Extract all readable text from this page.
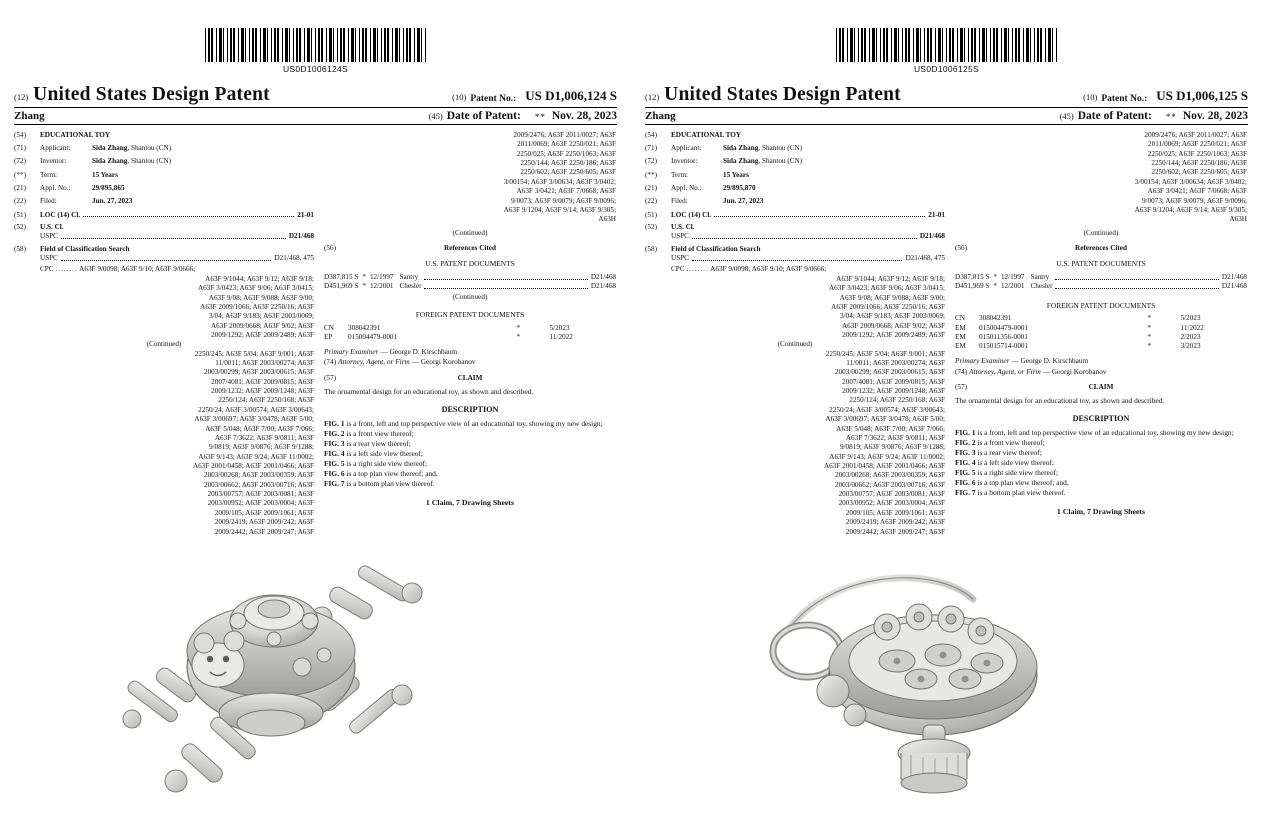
US0D1006124S
(12) United States Design Patent	(10) Patent No.: US D1,006,124 S
Zhang	(45) Date of Patent: ** Nov. 28, 2023
(54)	EDUCATIONAL TOY
(71)	Applicant:	Sida Zhang, Shantou (CN)
(72)	Inventor:	Sida Zhang, Shantou (CN)
(**)	Term:	15 Years
(21)	Appl. No.:	29/895,865
(22)	Filed:	Jun. 27, 2023
(51)	LOC (14) Cl.	21-01
(52)	U.S. Cl.
USPC	D21/468
(58)	Field of Classification Search
USPC	D21/468, 475
CPC ........ A63F 9/0098; A63F 9/10; A63F 9/0666;
A63F 9/1044; A63F 9/12; A63F 9/18;
A63F 3/0423; A63F 9/06; A63F 3/0415;
A63F 9/08; A63F 9/088; A63F 9/00;
A63F 2009/1066; A63F 2250/16; A63F
3/04; A63F 9/183; A63F 2003/0069;
A63F 2009/0668; A63F 9/02; A63F
2009/1292; A63F 2009/2489; A63F
(Continued)
2250/245; A63F 5/04; A63F 9/001; A63F
11/0011; A63F 2003/00274; A63F
2003/00299; A63F 2003/00615; A63F
2007/4081; A63F 2009/0815; A63F
2009/1232; A63F 2009/1248; A63F
2250/124; A63F 2250/168; A63F
2250/24; A63F 3/00574; A63F 3/00643;
A63F 3/00697; A63F 3/0478; A63F 5/00;
A63F 5/048; A63F 7/00; A63F 7/066;
A63F 7/3622; A63F 9/0811; A63F
9/0819; A63F 9/0876; A63F 9/1288;
A63F 9/143; A63F 9/24; A63F 11/0002;
A63F 2001/0458; A63F 2001/0466; A63F
2003/00268; A63F 2003/00359; A63F
2003/00662; A63F 2003/00716; A63F
2003/00757; A63F 2003/0081; A63F
2003/00952; A63F 2003/0004; A63F
2009/105; A63F 2009/1061; A63F
2009/2419; A63F 2009/242; A63F
2009/2442; A63F 2009/247; A63F
2009/2476; A63F 2011/0027; A63F
2011/0069; A63F 2250/021; A63F
2250/025; A63F 2250/1063; A63F
2250/144; A63F 2250/186; A63F
2250/602; A63F 2250/605; A63F
3/00154; A63F 3/00634; A63F 3/0402;
A63F 3/0421; A63F 7/0668; A63F
9/0073; A63F 9/0079; A63F 9/0096;
A63F 9/1204; A63F 9/14; A63F 9/305;
A63H
(Continued)
(56)	References Cited
U.S. PATENT DOCUMENTS
D387,815 S	*	12/1997	Santry		D21/468
D451,969 S	*	12/2001	Chesler		D21/468
(Continued)
FOREIGN PATENT DOCUMENTS
CN	308042391	*	5/2023
EP	015004479-0001	*	11/2022
Primary Examiner — George D. Kirschbaum
(74) Attorney, Agent, or Firm — Georgi Korobanov
(57)	CLAIM
The ornamental design for an educational toy, as shown and described.
DESCRIPTION
FIG. 1 is a front, left and top perspective view of an educational toy, showing my new design;
FIG. 2 is a front view thereof;
FIG. 3 is a rear view thereof;
FIG. 4 is a left side view thereof;
FIG. 5 is a right side view thereof;
FIG. 6 is a top plan view thereof; and,
FIG. 7 is a bottom plan view thereof.
1 Claim, 7 Drawing Sheets
US0D1006125S
(12) United States Design Patent	(10) Patent No.: US D1,006,125 S
Zhang	(45) Date of Patent: ** Nov. 28, 2023
(54)	EDUCATIONAL TOY
(71)	Applicant:	Sida Zhang, Shantou (CN)
(72)	Inventor:	Sida Zhang, Shantou (CN)
(**)	Term:	15 Years
(21)	Appl. No.:	29/895,870
(22)	Filed:	Jun. 27, 2023
(51)	LOC (14) Cl.	21-01
(52)	U.S. Cl.
USPC	D21/468
(58)	Field of Classification Search
USPC	D21/468, 475
CPC ........ A63F 9/0098; A63F 9/10; A63F 9/0666;
A63F 9/1044; A63F 9/12; A63F 9/18;
A63F 3/0423; A63F 9/06; A63F 3/0415;
A63F 9/08; A63F 9/088; A63F 9/00;
A63F 2009/1066; A63F 2250/16; A63F
3/04; A63F 9/183; A63F 2003/0069;
A63F 2009/0668; A63F 9/02; A63F
2009/1292; A63F 2009/2489; A63F
(Continued)
2250/245; A63F 5/04; A63F 9/001; A63F
11/0011; A63F 2003/00274; A63F
2003/00299; A63F 2003/00615; A63F
2007/4081; A63F 2009/0815; A63F
2009/1232; A63F 2009/1248; A63F
2250/124; A63F 2250/168; A63F
2250/24; A63F 3/00574; A63F 3/00643;
A63F 3/00697; A63F 3/0478; A63F 5/00;
A63F 5/048; A63F 7/00; A63F 7/066;
A63F 7/3622; A63F 9/0811; A63F
9/0819; A63F 9/0876; A63F 9/1288;
A63F 9/143; A63F 9/24; A63F 11/0002;
A63F 2001/0458; A63F 2001/0466; A63F
2003/00268; A63F 2003/00359; A63F
2003/00662; A63F 2003/00716; A63F
2003/00757; A63F 2003/0081; A63F
2003/00952; A63F 2003/0004; A63F
2009/105; A63F 2009/1061; A63F
2009/2419; A63F 2009/242; A63F
2009/2442; A63F 2009/247; A63F
2009/2476; A63F 2011/0027; A63F
2011/0069; A63F 2250/021; A63F
2250/025; A63F 2250/1063; A63F
2250/144; A63F 2250/186; A63F
2250/602; A63F 2250/605; A63F
3/00154; A63F 3/00634; A63F 3/0402;
A63F 3/0421; A63F 7/0668; A63F
9/0073; A63F 9/0079; A63F 9/0096;
A63F 9/1204; A63F 9/14; A63F 9/305;
A63H
(Continued)
(56)	References Cited
U.S. PATENT DOCUMENTS
D387,815 S	*	12/1997	Santry		D21/468
D451,969 S	*	12/2001	Chesler		D21/468
FOREIGN PATENT DOCUMENTS
CN	308042391	*	5/2023
EM	015004479-0001	*	11/2022
EM	015011356-0001	*	2/2023
EM	015015714-0001	*	3/2023
Primary Examiner — George D. Kirschbaum
(74) Attorney, Agent, or Firm — Georgi Korobanov
(57)	CLAIM
The ornamental design for an educational toy, as shown and described.
DESCRIPTION
FIG. 1 is a front, left and top perspective view of an educational toy, showing my new design;
FIG. 2 is a front view thereof;
FIG. 3 is a rear view thereof;
FIG. 4 is a left side view thereof;
FIG. 5 is a right side view thereof;
FIG. 6 is a top plan view thereof; and,
FIG. 7 is a bottom plan view thereof.
1 Claim, 7 Drawing Sheets
